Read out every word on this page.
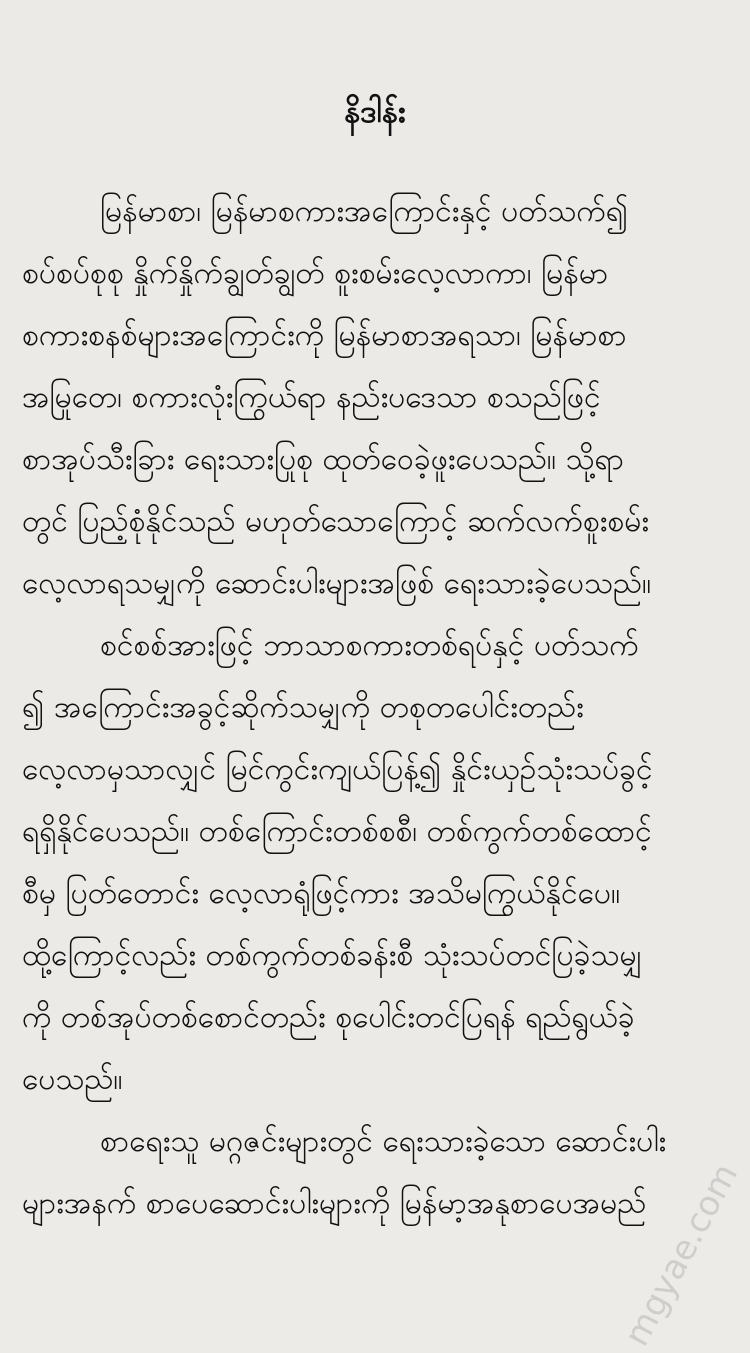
နိဒါန်း
မြန်မာစာ၊ မြန်မာစကားအကြောင်းနှင့် ပတ်သက်၍
စပ်စပ်စုစု နှိုက်နှိုက်ချွတ်ချွတ် စူးစမ်းလေ့လာကာ၊ မြန်မာ
စကားစနစ်များအကြောင်းကို မြန်မာစာအရသာ၊ မြန်မာစာ
အမြုတေ၊ စကားလုံးကြွယ်ရာ နည်းပဒေသာ စသည်ဖြင့်
စာအုပ်သီးခြား ရေးသားပြုစု ထုတ်ဝေခဲ့ဖူးပေသည်။ သို့ရာ
တွင် ပြည့်စုံနိုင်သည် မဟုတ်သောကြောင့် ဆက်လက်စူးစမ်း
လေ့လာရသမျှကို ဆောင်းပါးများအဖြစ် ရေးသားခဲ့ပေသည်။
စင်စစ်အားဖြင့် ဘာသာစကားတစ်ရပ်နှင့် ပတ်သက်
၍ အကြောင်းအခွင့်ဆိုက်သမျှကို တစုတပေါင်းတည်း
လေ့လာမှသာလျှင် မြင်ကွင်းကျယ်ပြန့်၍ နှိုင်းယှဉ်သုံးသပ်ခွင့်
ရရှိနိုင်ပေသည်။ တစ်ကြောင်းတစ်စစီ၊ တစ်ကွက်တစ်ထောင့်
စီမှ ပြတ်တောင်း လေ့လာရုံဖြင့်ကား အသိမကြွယ်နိုင်ပေ။
ထို့ကြောင့်လည်း တစ်ကွက်တစ်ခန်းစီ သုံးသပ်တင်ပြခဲ့သမျှ
ကို တစ်အုပ်တစ်စောင်တည်း စုပေါင်းတင်ပြရန် ရည်ရွယ်ခဲ့
ပေသည်။
စာရေးသူ မဂ္ဂဇင်းများတွင် ရေးသားခဲ့သော ဆောင်းပါး
များအနက် စာပေဆောင်းပါးများကို မြန်မာ့အနုစာပေအမည်
mgyae.com
